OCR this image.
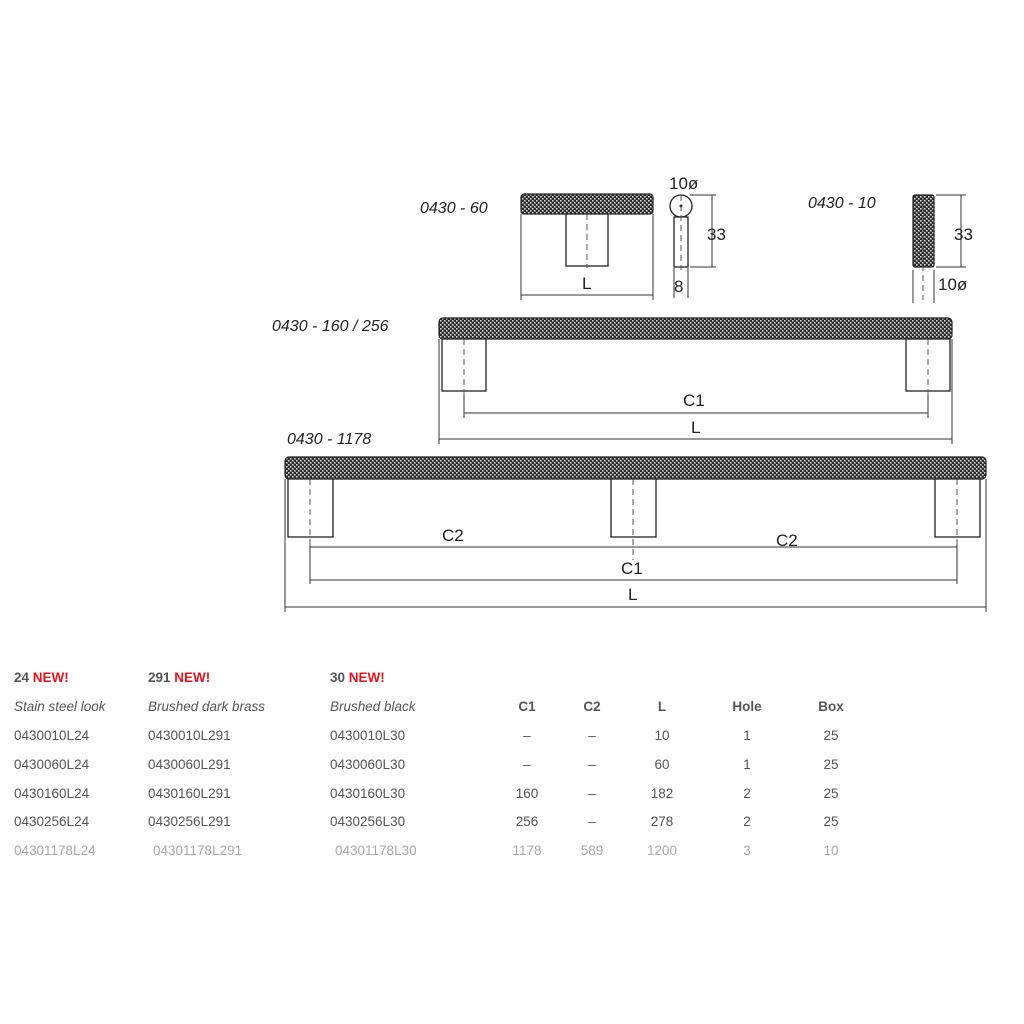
0430 - 60
L
10ø
33
8
0430 - 10
33
10ø
0430 - 160 / 256
C1
L
0430 - 1178
C2	C2
C1
L
24 NEW!	291 NEW!	30 NEW!
Stain steel look	Brushed dark brass	Brushed black	C1	C2	L	Hole	Box
0430010L24	0430010L291	0430010L30	–	–	10	1	25
0430060L24	0430060L291	0430060L30	–	–	60	1	25
0430160L24	0430160L291	0430160L30	160	–	182	2	25
0430256L24	0430256L291	0430256L30	256	–	278	2	25
04301178L24	04301178L291	04301178L30	1178	589	1200	3	10
